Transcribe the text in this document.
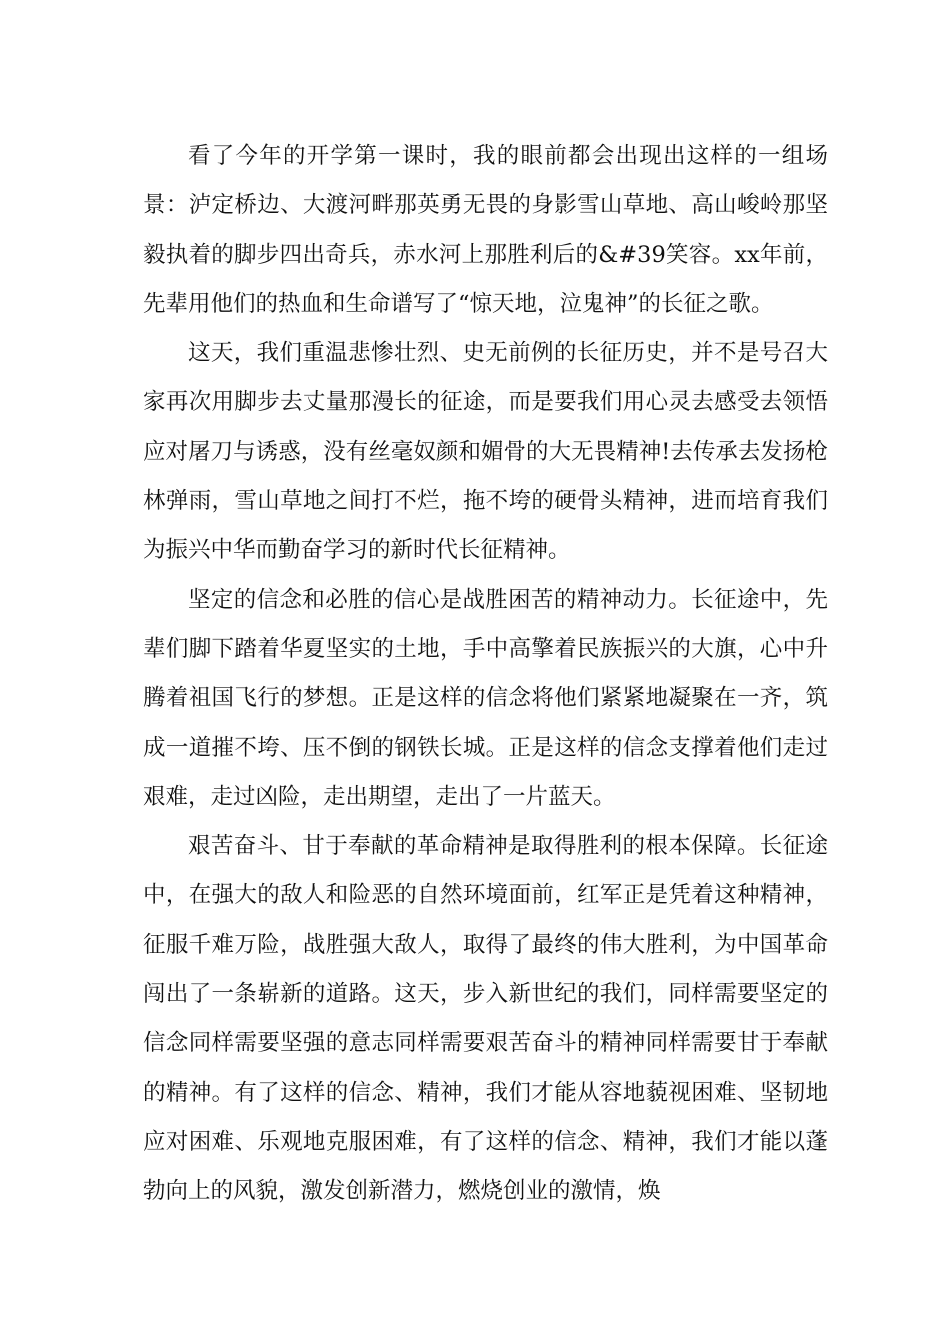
看了今年的开学第一课时，我的眼前都会出现出这样的一组场景：泸定桥边、大渡河畔那英勇无畏的身影雪山草地、高山峻岭那坚毅执着的脚步四出奇兵，赤水河上那胜利后的&#39笑容。xx年前，先辈用他们的热血和生命谱写了“惊天地，泣鬼神”的长征之歌。

这天，我们重温悲惨壮烈、史无前例的长征历史，并不是号召大家再次用脚步去丈量那漫长的征途，而是要我们用心灵去感受去领悟应对屠刀与诱惑，没有丝毫奴颜和媚骨的大无畏精神!去传承去发扬枪林弹雨，雪山草地之间打不烂，拖不垮的硬骨头精神，进而培育我们为振兴中华而勤奋学习的新时代长征精神。

坚定的信念和必胜的信心是战胜困苦的精神动力。长征途中，先辈们脚下踏着华夏坚实的土地，手中高擎着民族振兴的大旗，心中升腾着祖国飞行的梦想。正是这样的信念将他们紧紧地凝聚在一齐，筑成一道摧不垮、压不倒的钢铁长城。正是这样的信念支撑着他们走过艰难，走过凶险，走出期望，走出了一片蓝天。

艰苦奋斗、甘于奉献的革命精神是取得胜利的根本保障。长征途中，在强大的敌人和险恶的自然环境面前，红军正是凭着这种精神，征服千难万险，战胜强大敌人，取得了最终的伟大胜利，为中国革命闯出了一条崭新的道路。这天，步入新世纪的我们，同样需要坚定的信念同样需要坚强的意志同样需要艰苦奋斗的精神同样需要甘于奉献的精神。有了这样的信念、精神，我们才能从容地藐视困难、坚韧地应对困难、乐观地克服困难，有了这样的信念、精神，我们才能以蓬勃向上的风貌，激发创新潜力，燃烧创业的激情，焕
